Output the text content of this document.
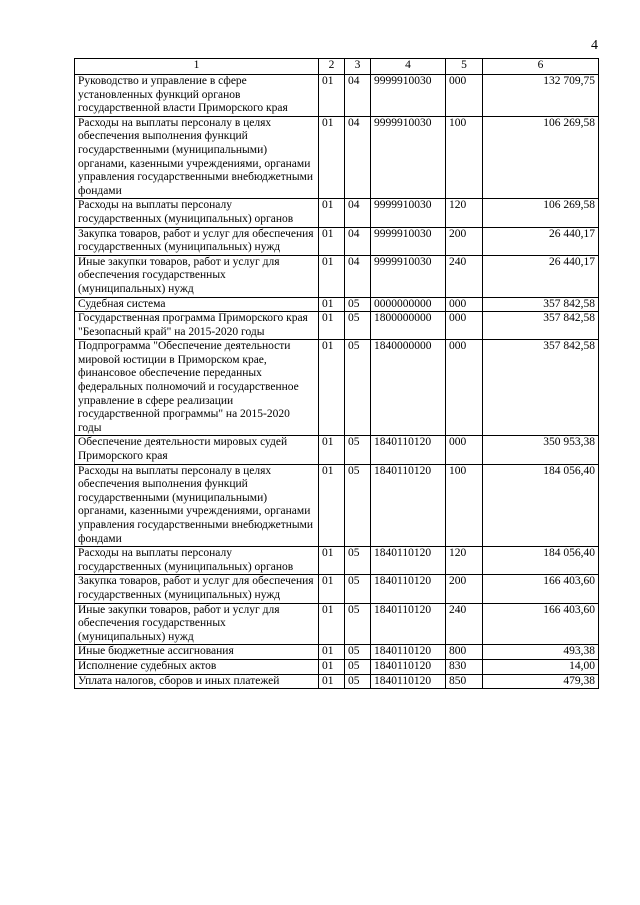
4
1	2	3	4	5	6
Руководство и управление в сфере установленных функций органов государственной власти Приморского края	01	04	9999910030	000	132 709,75
Расходы на выплаты персоналу в целях обеспечения выполнения функций государственными (муниципальными) органами, казенными учреждениями, органами управления государственными внебюджетными фондами	01	04	9999910030	100	106 269,58
Расходы на выплаты персоналу государственных (муниципальных) органов	01	04	9999910030	120	106 269,58
Закупка товаров, работ и услуг для обеспечения государственных (муниципальных) нужд	01	04	9999910030	200	26 440,17
Иные закупки товаров, работ и услуг для обеспечения государственных (муниципальных) нужд	01	04	9999910030	240	26 440,17
Судебная система	01	05	0000000000	000	357 842,58
Государственная программа Приморского края "Безопасный край" на 2015-2020 годы	01	05	1800000000	000	357 842,58
Подпрограмма "Обеспечение деятельности мировой юстиции в Приморском крае, финансовое обеспечение переданных федеральных полномочий и государственное управление в сфере реализации государственной программы" на 2015-2020 годы	01	05	1840000000	000	357 842,58
Обеспечение деятельности мировых судей Приморского края	01	05	1840110120	000	350 953,38
Расходы на выплаты персоналу в целях обеспечения выполнения функций государственными (муниципальными) органами, казенными учреждениями, органами управления государственными внебюджетными фондами	01	05	1840110120	100	184 056,40
Расходы на выплаты персоналу государственных (муниципальных) органов	01	05	1840110120	120	184 056,40
Закупка товаров, работ и услуг для обеспечения государственных (муниципальных) нужд	01	05	1840110120	200	166 403,60
Иные закупки товаров, работ и услуг для обеспечения государственных (муниципальных) нужд	01	05	1840110120	240	166 403,60
Иные бюджетные ассигнования	01	05	1840110120	800	493,38
Исполнение судебных актов	01	05	1840110120	830	14,00
Уплата налогов, сборов и иных платежей	01	05	1840110120	850	479,38
